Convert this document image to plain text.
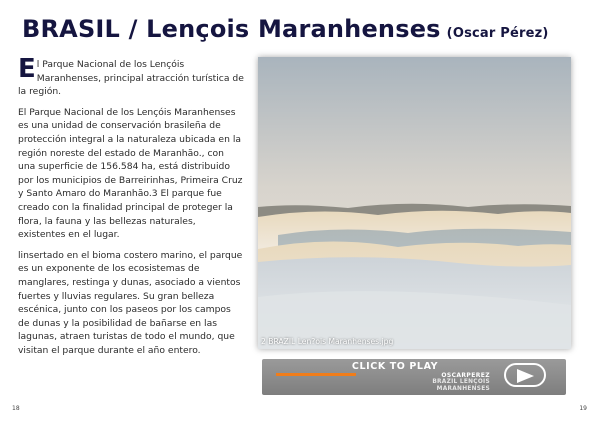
BRASIL / Lençois Maranhenses (Oscar Pérez)

El Parque Nacional de los Lençóis Maranhenses, principal atracción turística de la región.

El Parque Nacional de los Lençóis Maranhenses es una unidad de conservación brasileña de protección integral a la naturaleza ubicada en la región noreste del estado de Maranhão., con una superficie de 156.584 ha, está distribuido por los municipios de Barreirinhas, Primeira Cruz y Santo Amaro do Maranhão.3 El parque fue creado con la finalidad principal de proteger la flora, la fauna y las bellezas naturales, existentes en el lugar.

linsertado en el bioma costero marino, el parque es un exponente de los ecosistemas de manglares, restinga y dunas, asociado a vientos fuertes y lluvias regulares. Su gran belleza escénica, junto con los paseos por los campos de dunas y la posibilidad de bañarse en las lagunas, atraen turistas de todo el mundo, que visitan el parque durante el año entero.

2 BRAZIL Len?ois Maranhenses.jpg
CLICK TO PLAY
OSCARPEREZ
BRAZIL LENÇOIS
MARANHENSES
18	19
